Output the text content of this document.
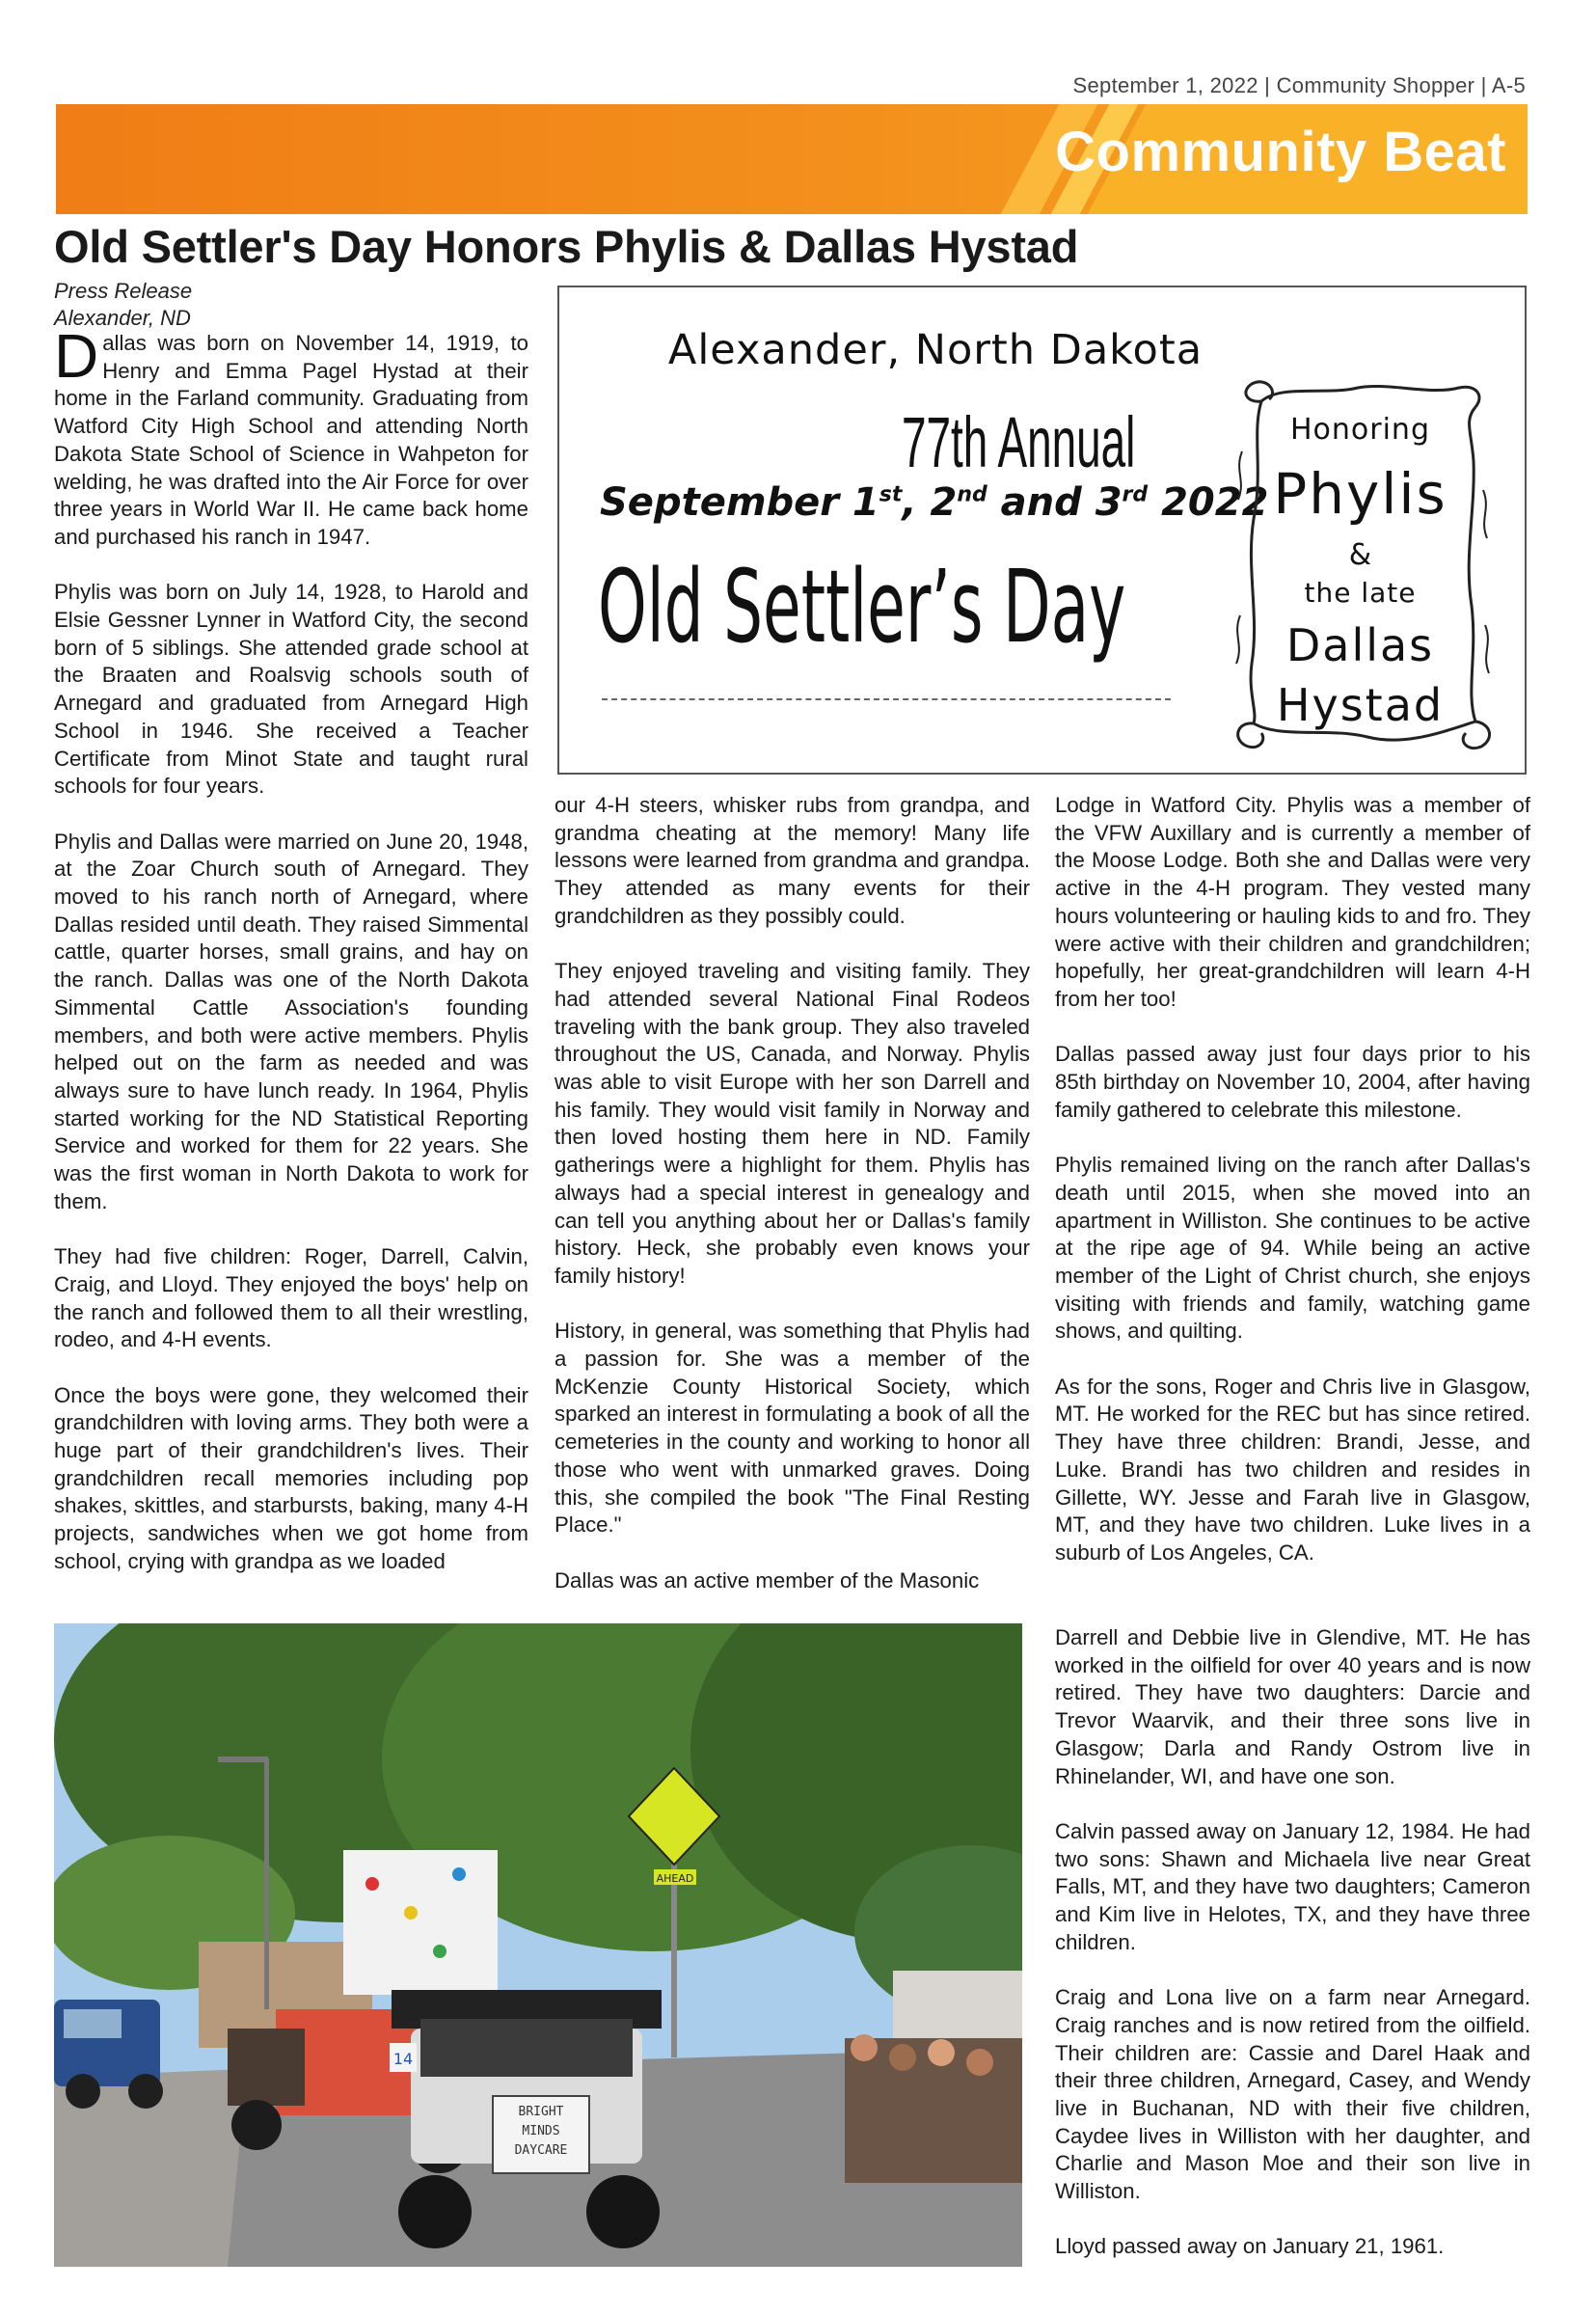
September 1, 2022 | Community Shopper | A-5
Community Beat
Old Settler's Day Honors Phylis & Dallas Hystad
Press Release
Alexander, ND

Dallas was born on November 14, 1919, to Henry and Emma Pagel Hystad at their home in the Farland community. Graduating from Watford City High School and attending North Dakota State School of Science in Wahpeton for welding, he was drafted into the Air Force for over three years in World War II. He came back home and purchased his ranch in 1947.

Phylis was born on July 14, 1928, to Harold and Elsie Gessner Lynner in Watford City, the second born of 5 siblings. She attended grade school at the Braaten and Roalsvig schools south of Arnegard and graduated from Arnegard High School in 1946. She received a Teacher Certificate from Minot State and taught rural schools for four years.

Phylis and Dallas were married on June 20, 1948, at the Zoar Church south of Arnegard. They moved to his ranch north of Arnegard, where Dallas resided until death. They raised Simmental cattle, quarter horses, small grains, and hay on the ranch. Dallas was one of the North Dakota Simmental Cattle Association's founding members, and both were active members. Phylis helped out on the farm as needed and was always sure to have lunch ready. In 1964, Phylis started working for the ND Statistical Reporting Service and worked for them for 22 years. She was the first woman in North Dakota to work for them.

They had five children: Roger, Darrell, Calvin, Craig, and Lloyd. They enjoyed the boys' help on the ranch and followed them to all their wrestling, rodeo, and 4-H events.

Once the boys were gone, they welcomed their grandchildren with loving arms. They both were a huge part of their grandchildren's lives. Their grandchildren recall memories including pop shakes, skittles, and starbursts, baking, many 4-H projects, sandwiches when we got home from school, crying with grandpa as we loaded

Alexander, North Dakota
77th Annual
September 1st, 2nd and 3rd 2022
Old Settler’s Day
Honoring
Phylis
&
the late
Dallas
Hystad

our 4-H steers, whisker rubs from grandpa, and grandma cheating at the memory! Many life lessons were learned from grandma and grandpa. They attended as many events for their grandchildren as they possibly could.

They enjoyed traveling and visiting family. They had attended several National Final Rodeos traveling with the bank group. They also traveled throughout the US, Canada, and Norway. Phylis was able to visit Europe with her son Darrell and his family. They would visit family in Norway and then loved hosting them here in ND. Family gatherings were a highlight for them. Phylis has always had a special interest in genealogy and can tell you anything about her or Dallas's family history. Heck, she probably even knows your family history!

History, in general, was something that Phylis had a passion for. She was a member of the McKenzie County Historical Society, which sparked an interest in formulating a book of all the cemeteries in the county and working to honor all those who went with unmarked graves. Doing this, she compiled the book "The Final Resting Place."

Dallas was an active member of the Masonic

Lodge in Watford City. Phylis was a member of the VFW Auxillary and is currently a member of the Moose Lodge. Both she and Dallas were very active in the 4-H program. They vested many hours volunteering or hauling kids to and fro. They were active with their children and grandchildren; hopefully, her great-grandchildren will learn 4-H from her too!

Dallas passed away just four days prior to his 85th birthday on November 10, 2004, after having family gathered to celebrate this milestone.

Phylis remained living on the ranch after Dallas's death until 2015, when she moved into an apartment in Williston. She continues to be active at the ripe age of 94. While being an active member of the Light of Christ church, she enjoys visiting with friends and family, watching game shows, and quilting.

As for the sons, Roger and Chris live in Glasgow, MT. He worked for the REC but has since retired. They have three children: Brandi, Jesse, and Luke. Brandi has two children and resides in Gillette, WY. Jesse and Farah live in Glasgow, MT, and they have two children. Luke lives in a suburb of Los Angeles, CA.

Darrell and Debbie live in Glendive, MT. He has worked in the oilfield for over 40 years and is now retired. They have two daughters: Darcie and Trevor Waarvik, and their three sons live in Glasgow; Darla and Randy Ostrom live in Rhinelander, WI, and have one son.

Calvin passed away on January 12, 1984. He had two sons: Shawn and Michaela live near Great Falls, MT, and they have two daughters; Cameron and Kim live in Helotes, TX, and they have three children.

Craig and Lona live on a farm near Arnegard. Craig ranches and is now retired from the oilfield. Their children are: Cassie and Darel Haak and their three children, Arnegard, Casey, and Wendy live in Buchanan, ND with their five children, Caydee lives in Williston with her daughter, and Charlie and Mason Moe and their son live in Williston.

Lloyd passed away on January 21, 1961.

BRIGHT
MINDS
DAYCARE
14
AHEAD
